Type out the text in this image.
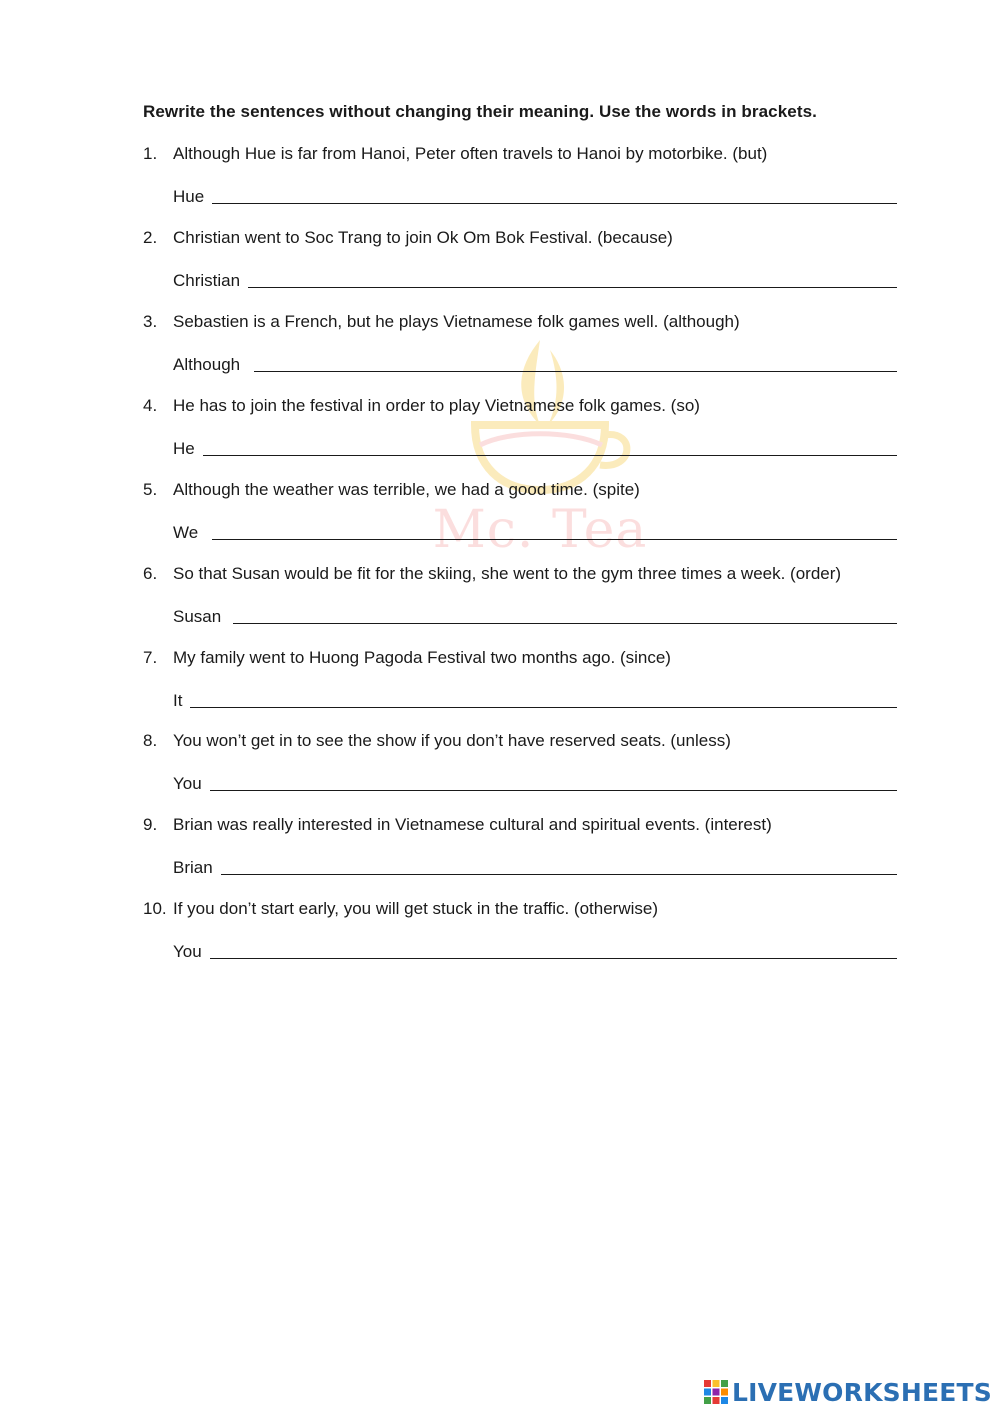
Mc. Tea
Rewrite the sentences without changing their meaning. Use the words in brackets.
1. Although Hue is far from Hanoi, Peter often travels to Hanoi by motorbike. (but)
Hue
2. Christian went to Soc Trang to join Ok Om Bok Festival. (because)
Christian
3. Sebastien is a French, but he plays Vietnamese folk games well. (although)
Although
4. He has to join the festival in order to play Vietnamese folk games. (so)
He
5. Although the weather was terrible, we had a good time. (spite)
We
6. So that Susan would be fit for the skiing, she went to the gym three times a week. (order)
Susan
7. My family went to Huong Pagoda Festival two months ago. (since)
It
8. You won’t get in to see the show if you don’t have reserved seats. (unless)
You
9. Brian was really interested in Vietnamese cultural and spiritual events. (interest)
Brian
10. If you don’t start early, you will get stuck in the traffic. (otherwise)
You
LIVEWORKSHEETS
